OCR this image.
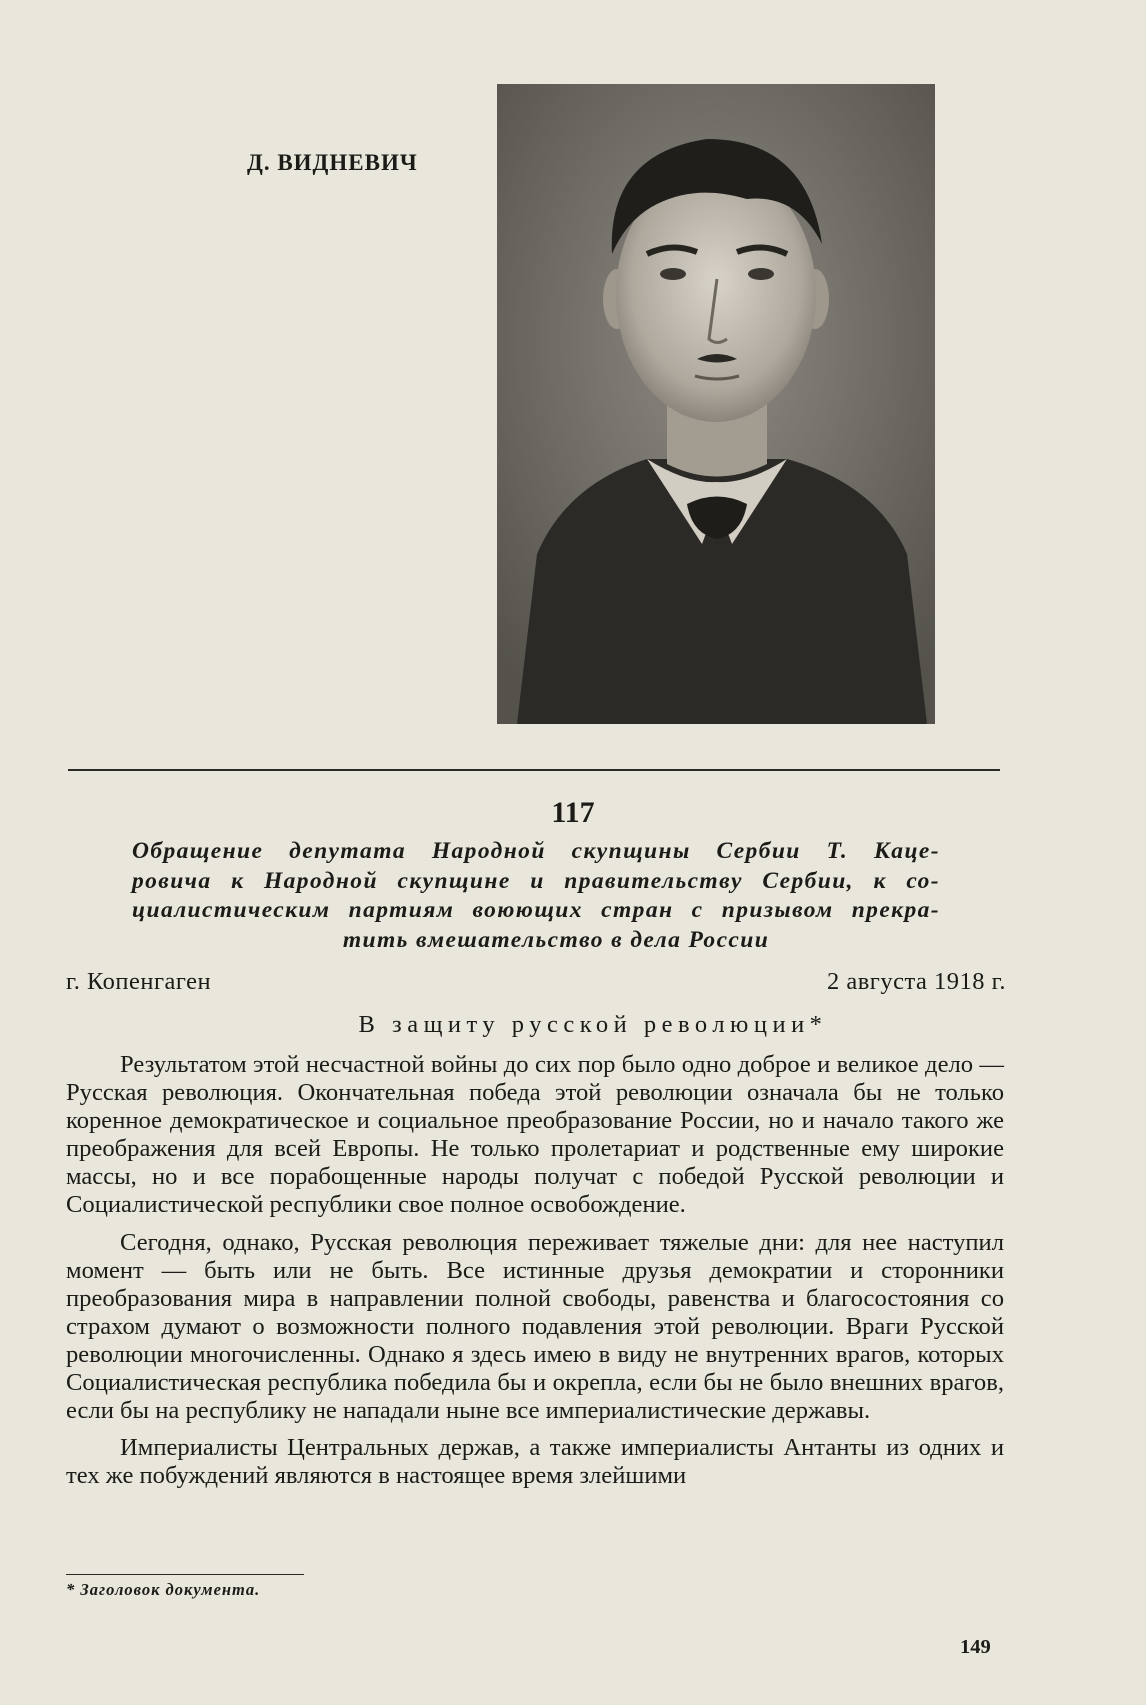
Д. ВИДНЕВИЧ
117
Обращение депутата Народной скупщины Сербии Т. Каце-
ровича к Народной скупщине и правительству Сербии, к со-
циалистическим партиям воюющих стран с призывом прекра-
тить вмешательство в дела России
г. Копенгаген	2 августа 1918 г.
В защиту русской революции*

Результатом этой несчастной войны до сих пор было одно доброе и великое дело — Русская революция. Окончательная победа этой революции означала бы не только коренное демократическое и социальное преобразование России, но и начало такого же преображения для всей Европы. Не только пролетариат и родственные ему широкие массы, но и все порабощенные народы получат с победой Русской революции и Социалистической республики свое полное освобождение.

Сегодня, однако, Русская революция переживает тяжелые дни: для нее наступил момент — быть или не быть. Все истинные друзья демократии и сторонники преобразования мира в направлении полной свободы, равенства и благосостояния со страхом думают о возможности полного подавления этой революции. Враги Русской революции многочисленны. Однако я здесь имею в виду не внутренних врагов, которых Социалистическая республика победила бы и окрепла, если бы не было внешних врагов, если бы на республику не нападали ныне все империалистические державы.

Империалисты Центральных держав, а также империалисты Антанты из одних и тех же побуждений являются в настоящее время злейшими

* Заголовок документа.
149
